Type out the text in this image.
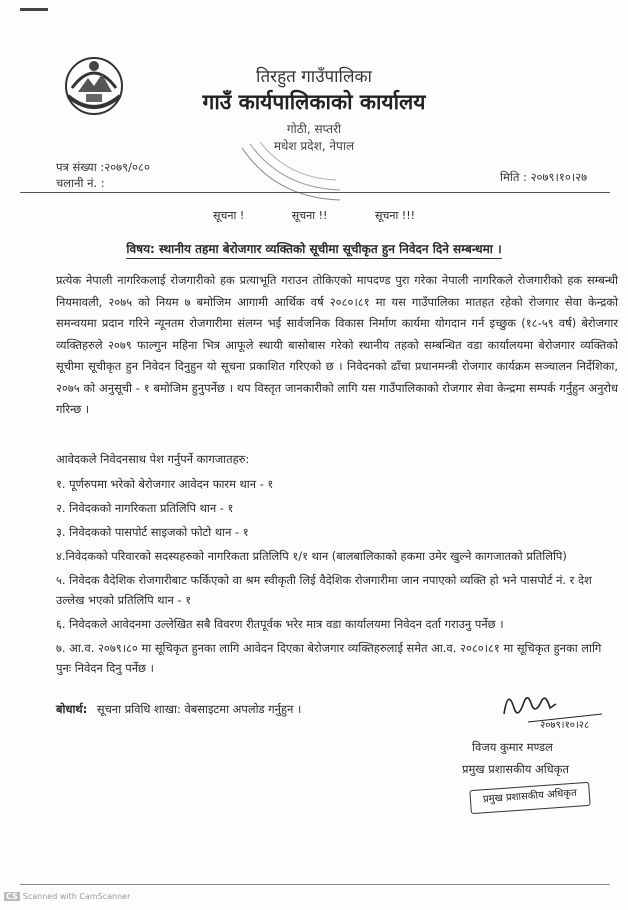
तिरहुत गाउँपालिका
गाउँ कार्यपालिकाको कार्यालय
गोठी, सप्तरी
मधेश प्रदेश, नेपाल
पत्र संख्या :२०७९/०८०
चलानी नं. :	मिति : २०७९।१०।२७
सूचना !	सूचना !!	सूचना !!!
विषय: स्थानीय तहमा बेरोजगार व्यक्तिको सूचीमा सूचीकृत हुन निवेदन दिने सम्बन्धमा ।
प्रत्येक नेपाली नागरिकलाई रोजगारीको हक प्रत्याभूति गराउन तोकिएको मापदण्ड पुरा गरेका नेपाली नागरिकले रोजगारीको हक सम्बन्धी नियमावली, २०७५ को नियम ७ बमोजिम आगामी आर्थिक वर्ष २०८०।८१ मा यस गाउँपालिका मातहत रहेको रोजगार सेवा केन्द्रको समन्वयमा प्रदान गरिने न्यूनतम रोजगारीमा संलग्न भई सार्वजनिक विकास निर्माण कार्यमा योगदान गर्न इच्छुक (१८-५९ वर्ष) बेरोजगार व्यक्तिहरुले २०७९ फाल्गुन महिना भित्र आफूले स्थायी बासोबास गरेको स्थानीय तहको सम्बन्धित वडा कार्यालयमा बेरोजगार व्यक्तिको सूचीमा सूचीकृत हुन निवेदन दिनुहुन यो सूचना प्रकाशित गरिएको छ । निवेदनको ढाँचा प्रधानमन्त्री रोजगार कार्यक्रम सञ्चालन निर्देशिका, २०७५ को अनुसूची - १ बमोजिम हुनुपर्नेछ । थप विस्तृत जानकारीको लागि यस गाउँपालिकाको रोजगार सेवा केन्द्रमा सम्पर्क गर्नुहुन अनुरोध गरिन्छ ।
आवेदकले निवेदनसाथ पेश गर्नुपर्ने कागजातहरु:
१. पूर्णरुपमा भरेको बेरोजगार आवेदन फारम थान - १
२. निवेदकको नागरिकता प्रतिलिपि थान - १
३. निवेदकको पासपोर्ट साइजको फोटो थान - १
४.निवेदकको परिवारको सदस्यहरुको नागरिकता प्रतिलिपि १/१ थान (बालबालिकाको हकमा उमेर खुल्ने कागजातको प्रतिलिपि)
५. निवेदक वैदेशिक रोजगारीबाट फर्किएको वा श्रम स्वीकृती लिई वैदेशिक रोजगारीमा जान नपाएको व्यक्ति हो भने पासपोर्ट नं. र देश उल्लेख भएको प्रतिलिपि थान - १
६. निवेदकले आवेदनमा उल्लेखित सबै विवरण रीतपूर्वक भरेर मात्र वडा कार्यालयमा निवेदन दर्ता गराउनु पर्नेछ ।
७. आ.व. २०७९।८० मा सूचिकृत हुनका लागि आवेदन दिएका बेरोजगार व्यक्तिहरुलाई समेत आ.व. २०८०।८१ मा सूचिकृत हुनका लागि पुनः निवेदन दिनु पर्नेछ ।
बोधार्थ: सूचना प्रविधि शाखा: वेबसाइटमा अपलोड गर्नुहुन ।
२०७९।१०।२८
विजय कुमार मण्डल
प्रमुख प्रशासकीय अधिकृत
प्रमुख प्रशासकीय अधिकृत
CS Scanned with CamScanner
